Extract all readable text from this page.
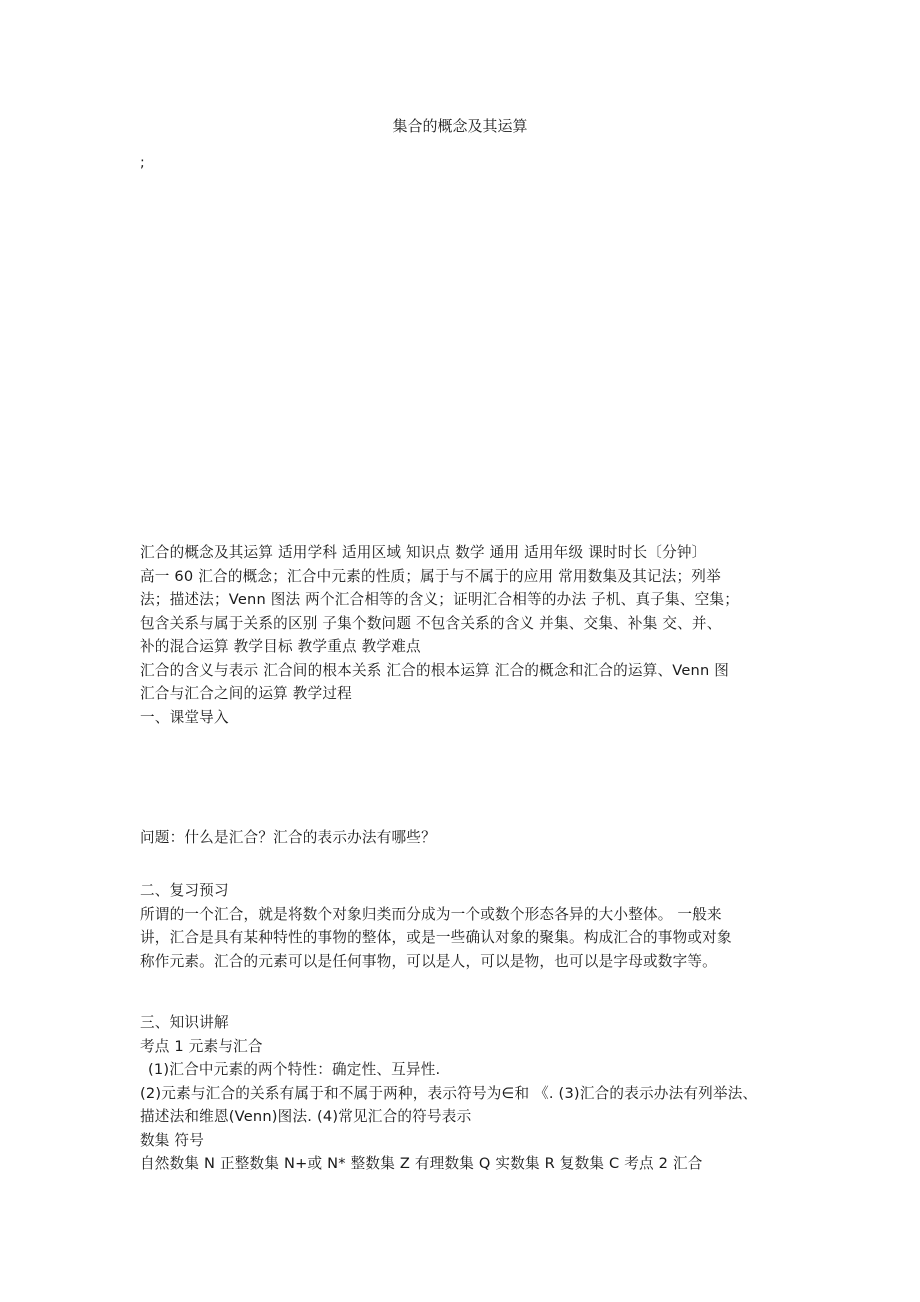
集合的概念及其运算
;

汇合的概念及其运算 适用学科 适用区域 知识点 数学 通用 适用年级 课时时长〔分钟〕

高一 60 汇合的概念；汇合中元素的性质；属于与不属于的应用 常用数集及其记法；列举

法；描述法；Venn 图法 两个汇合相等的含义；证明汇合相等的办法 子机、真子集、空集；

包含关系与属于关系的区别 子集个数问题 不包含关系的含义 并集、交集、补集 交、并、

补的混合运算 教学目标 教学重点 教学难点

汇合的含义与表示 汇合间的根本关系 汇合的根本运算 汇合的概念和汇合的运算、Venn 图

汇合与汇合之间的运算 教学过程

一、课堂导入

问题：什么是汇合？汇合的表示办法有哪些？

二、复习预习

所谓的一个汇合，就是将数个对象归类而分成为一个或数个形态各异的大小整体。 一般来

讲，汇合是具有某种特性的事物的整体，或是一些确认对象的聚集。构成汇合的事物或对象

称作元素。汇合的元素可以是任何事物，可以是人，可以是物，也可以是字母或数字等。

三、知识讲解

考点 1 元素与汇合

(1)汇合中元素的两个特性：确定性、互异性.

(2)元素与汇合的关系有属于和不属于两种，表示符号为∈和 《. (3)汇合的表示办法有列举法、

描述法和维恩(Venn)图法. (4)常见汇合的符号表示

数集 符号

自然数集 N 正整数集 N+或 N* 整数集 Z 有理数集 Q 实数集 R 复数集 C 考点 2 汇合
